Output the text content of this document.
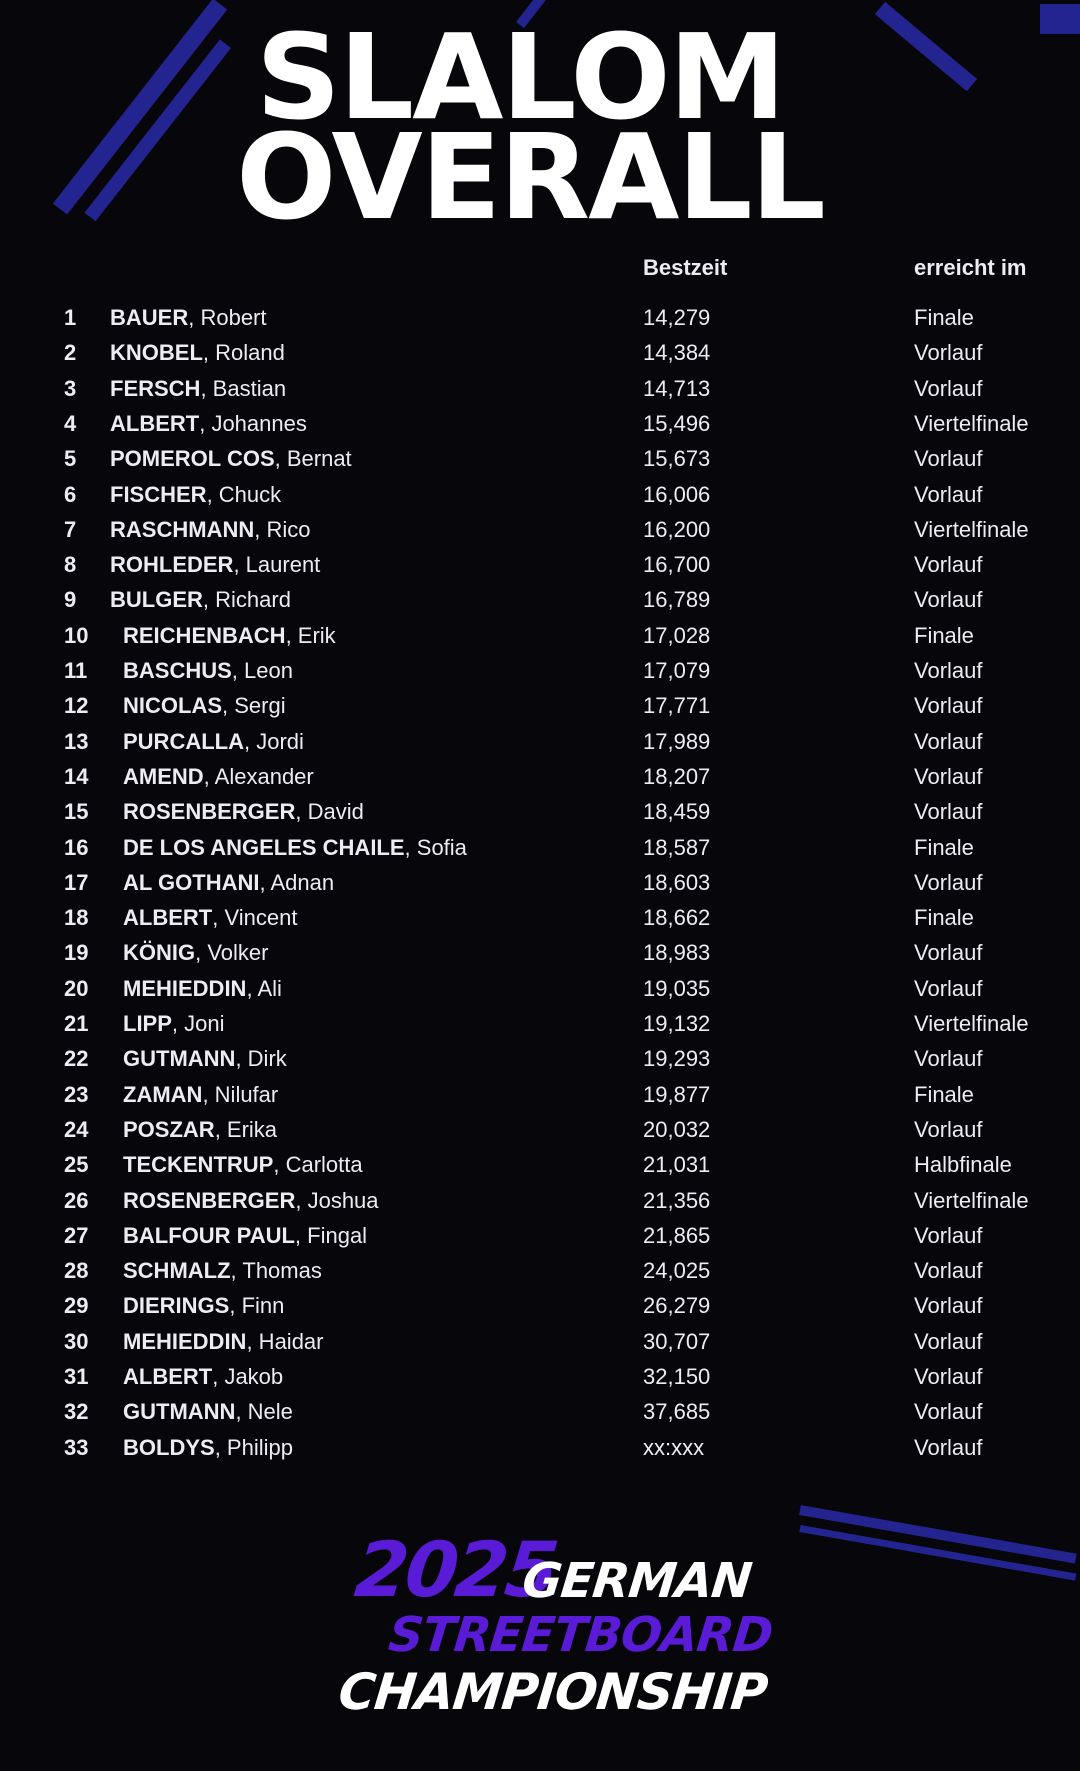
SLALOM
OVERALL
Bestzeit	erreicht im
1 BAUER, Robert	14,279	Finale
2 KNOBEL, Roland	14,384	Vorlauf
3 FERSCH, Bastian	14,713	Vorlauf
4 ALBERT, Johannes	15,496	Viertelfinale
5 POMEROL COS, Bernat	15,673	Vorlauf
6 FISCHER, Chuck	16,006	Vorlauf
7 RASCHMANN, Rico	16,200	Viertelfinale
8 ROHLEDER, Laurent	16,700	Vorlauf
9 BULGER, Richard	16,789	Vorlauf
10 REICHENBACH, Erik	17,028	Finale
11 BASCHUS, Leon	17,079	Vorlauf
12 NICOLAS, Sergi	17,771	Vorlauf
13 PURCALLA, Jordi	17,989	Vorlauf
14 AMEND, Alexander	18,207	Vorlauf
15 ROSENBERGER, David	18,459	Vorlauf
16 DE LOS ANGELES CHAILE, Sofia	18,587	Finale
17 AL GOTHANI, Adnan	18,603	Vorlauf
18 ALBERT, Vincent	18,662	Finale
19 KÖNIG, Volker	18,983	Vorlauf
20 MEHIEDDIN, Ali	19,035	Vorlauf
21 LIPP, Joni	19,132	Viertelfinale
22 GUTMANN, Dirk	19,293	Vorlauf
23 ZAMAN, Nilufar	19,877	Finale
24 POSZAR, Erika	20,032	Vorlauf
25 TECKENTRUP, Carlotta	21,031	Halbfinale
26 ROSENBERGER, Joshua	21,356	Viertelfinale
27 BALFOUR PAUL, Fingal	21,865	Vorlauf
28 SCHMALZ, Thomas	24,025	Vorlauf
29 DIERINGS, Finn	26,279	Vorlauf
30 MEHIEDDIN, Haidar	30,707	Vorlauf
31 ALBERT, Jakob	32,150	Vorlauf
32 GUTMANN, Nele	37,685	Vorlauf
33 BOLDYS, Philipp	xx:xxx	Vorlauf
2025
GERMAN
STREETBOARD
CHAMPIONSHIP
